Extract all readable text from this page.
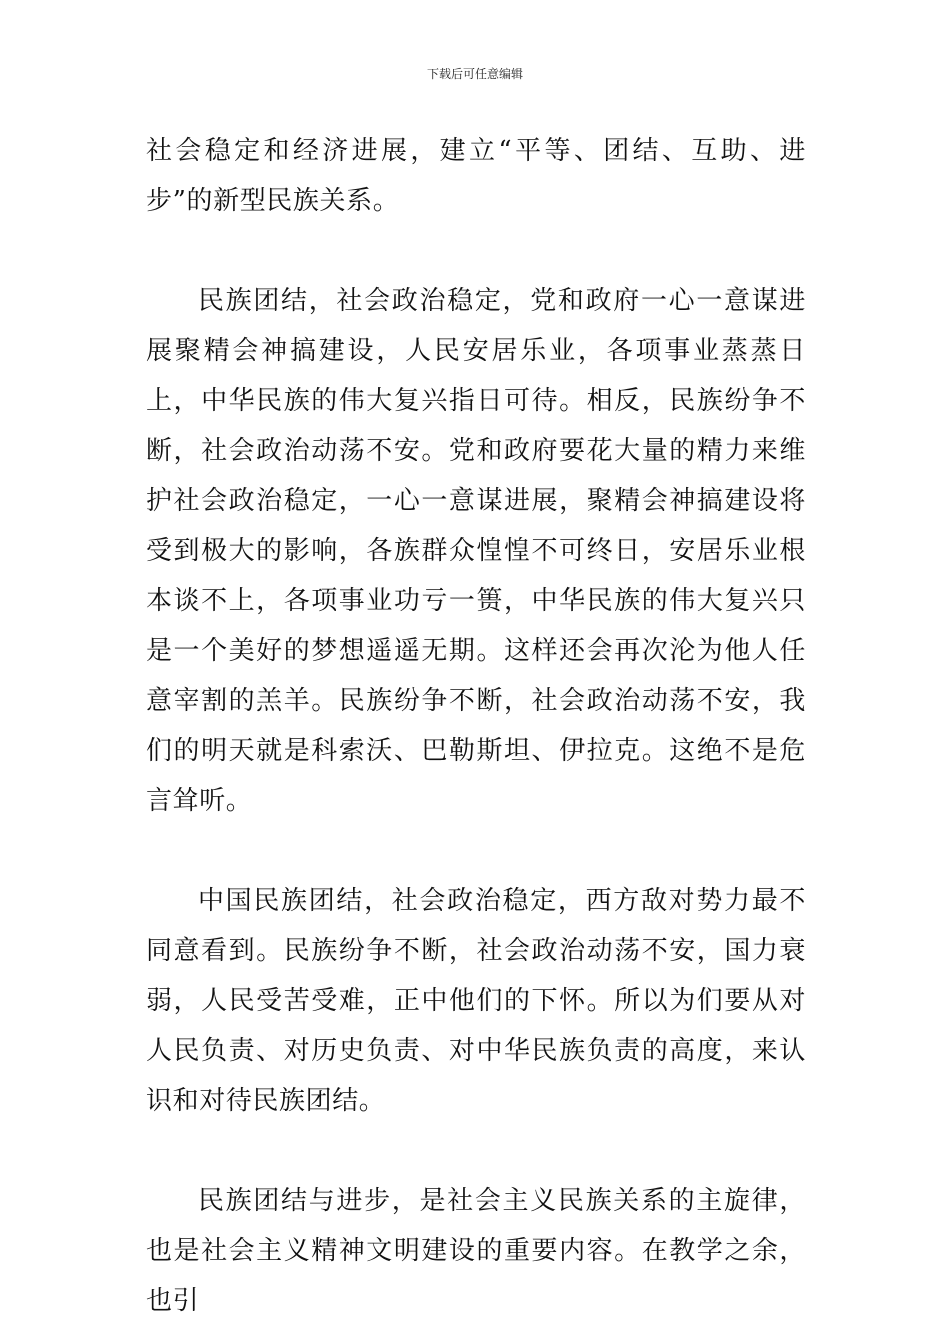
下载后可任意编辑

社会稳定和经济进展，建立“平等、团结、互助、进步”的新型民族关系。

民族团结，社会政治稳定，党和政府一心一意谋进展聚精会神搞建设，人民安居乐业，各项事业蒸蒸日上，中华民族的伟大复兴指日可待。相反，民族纷争不断，社会政治动荡不安。党和政府要花大量的精力来维护社会政治稳定，一心一意谋进展，聚精会神搞建设将受到极大的影响，各族群众惶惶不可终日，安居乐业根本谈不上，各项事业功亏一篑，中华民族的伟大复兴只是一个美好的梦想遥遥无期。这样还会再次沦为他人任意宰割的羔羊。民族纷争不断，社会政治动荡不安，我们的明天就是科索沃、巴勒斯坦、伊拉克。这绝不是危言耸听。

中国民族团结，社会政治稳定，西方敌对势力最不同意看到。民族纷争不断，社会政治动荡不安，国力衰弱，人民受苦受难，正中他们的下怀。所以为们要从对人民负责、对历史负责、对中华民族负责的高度，来认识和对待民族团结。

民族团结与进步，是社会主义民族关系的主旋律，也是社会主义精神文明建设的重要内容。在教学之余，也引
